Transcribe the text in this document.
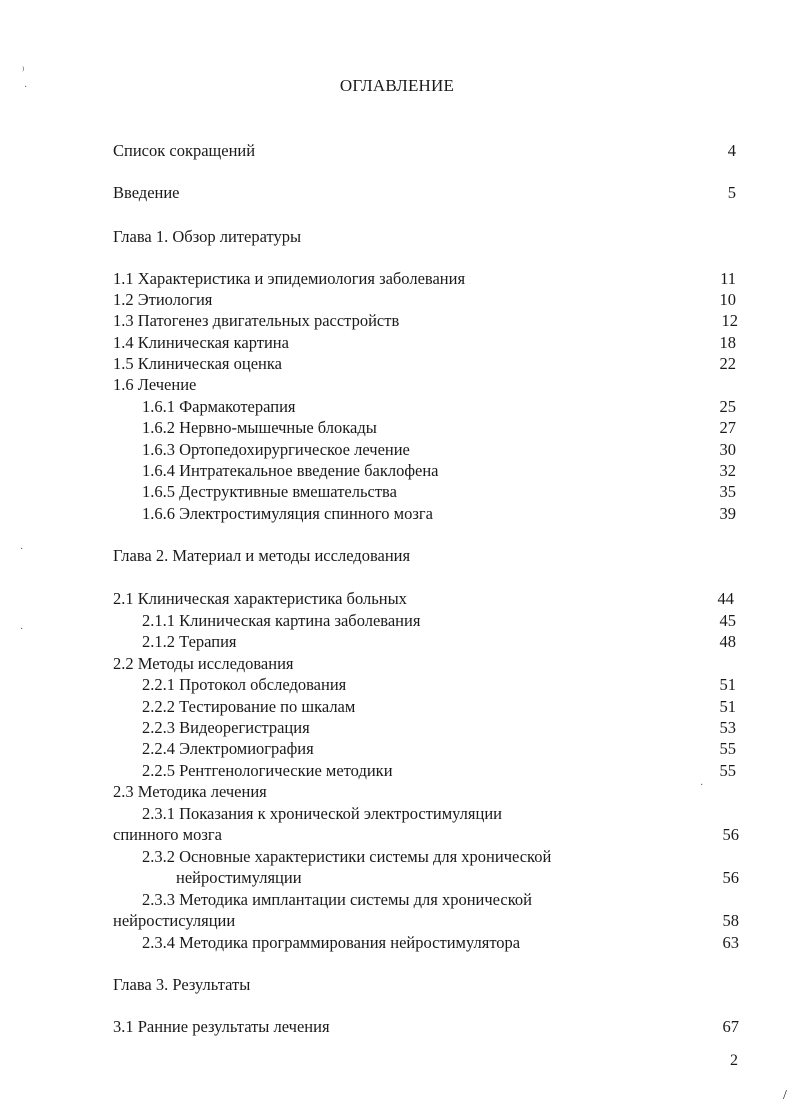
ОГЛАВЛЕНИЕ
Список сокращений	4
Введение	5
Глава 1. Обзор литературы
1.1 Характеристика и эпидемиология заболевания	11
1.2 Этиология	10
1.3 Патогенез двигательных расстройств	12
1.4 Клиническая картина	18
1.5 Клиническая оценка	22
1.6 Лечение
1.6.1 Фармакотерапия	25
1.6.2 Нервно-мышечные блокады	27
1.6.3 Ортопедохирургическое лечение	30
1.6.4 Интратекальное введение баклофена	32
1.6.5 Деструктивные вмешательства	35
1.6.6 Электростимуляция спинного мозга	39
Глава 2. Материал и методы исследования
2.1 Клиническая характеристика больных	44
2.1.1 Клиническая картина заболевания	45
2.1.2 Терапия	48
2.2 Методы исследования
2.2.1 Протокол обследования	51
2.2.2 Тестирование по шкалам	51
2.2.3 Видеорегистрация	53
2.2.4 Электромиография	55
2.2.5 Рентгенологические методики	55
2.3 Методика лечения
2.3.1 Показания к хронической электростимуляции
спинного мозга	56
2.3.2 Основные характеристики системы для хронической
нейростимуляции	56
2.3.3 Методика имплантации системы для хронической
нейростисуляции	58
2.3.4 Методика программирования нейростимулятора	63
Глава 3. Результаты
3.1 Ранние результаты лечения	67
2
⁾
·
·
·
·
/
